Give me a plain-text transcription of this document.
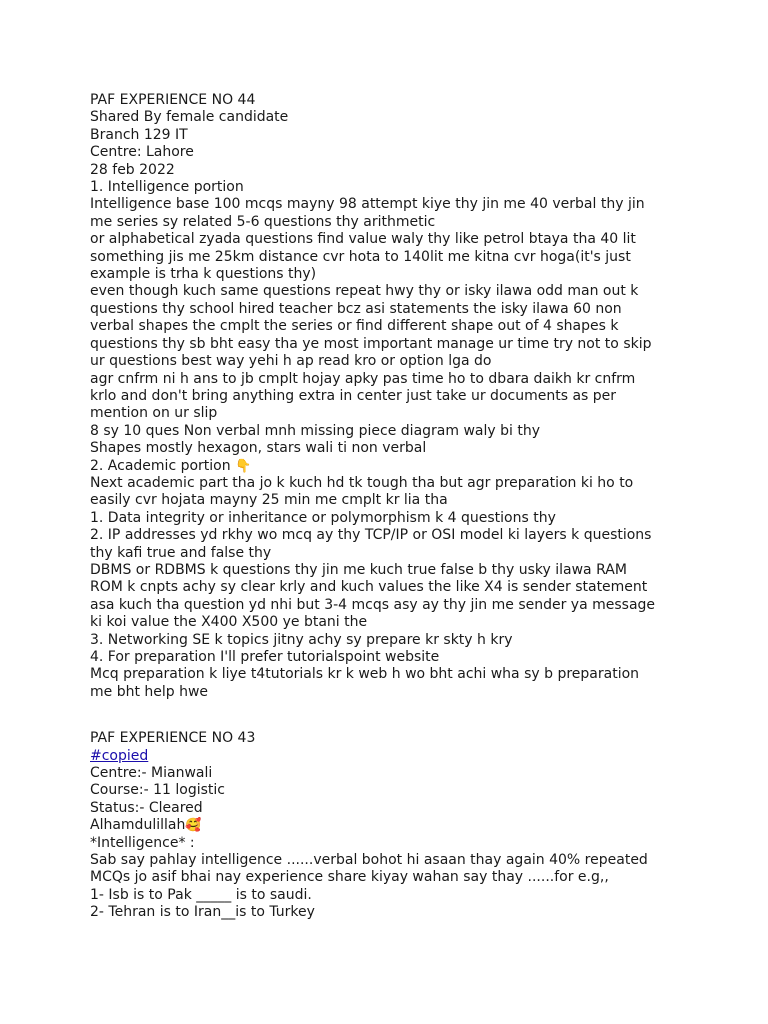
PAF EXPERIENCE NO 44
Shared By female candidate
Branch 129 IT
Centre: Lahore
28 feb 2022
1. Intelligence portion
Intelligence base 100 mcqs mayny 98 attempt kiye thy jin me 40 verbal thy jin
me series sy related 5-6 questions thy arithmetic
or alphabetical zyada questions find value waly thy like petrol btaya tha 40 lit
something jis me 25km distance cvr hota to 140lit me kitna cvr hoga(it's just
example is trha k questions thy)
even though kuch same questions repeat hwy thy or isky ilawa odd man out k
questions thy school hired teacher bcz asi statements the isky ilawa 60 non
verbal shapes the cmplt the series or find different shape out of 4 shapes k
questions thy sb bht easy tha ye most important manage ur time try not to skip
ur questions best way yehi h ap read kro or option lga do
agr cnfrm ni h ans to jb cmplt hojay apky pas time ho to dbara daikh kr cnfrm
krlo and don't bring anything extra in center just take ur documents as per
mention on ur slip
8 sy 10 ques Non verbal mnh missing piece diagram waly bi thy
Shapes mostly hexagon, stars wali ti non verbal
2. Academic portion 👇
Next academic part tha jo k kuch hd tk tough tha but agr preparation ki ho to
easily cvr hojata mayny 25 min me cmplt kr lia tha
1. Data integrity or inheritance or polymorphism k 4 questions thy
2. IP addresses yd rkhy wo mcq ay thy TCP/IP or OSI model ki layers k questions
thy kafi true and false thy
DBMS or RDBMS k questions thy jin me kuch true false b thy usky ilawa RAM
ROM k cnpts achy sy clear krly and kuch values the like X4 is sender statement
asa kuch tha question yd nhi but 3-4 mcqs asy ay thy jin me sender ya message
ki koi value the X400 X500 ye btani the
3. Networking SE k topics jitny achy sy prepare kr skty h kry
4. For preparation I'll prefer tutorialspoint website
Mcq preparation k liye t4tutorials kr k web h wo bht achi wha sy b preparation
me bht help hwe
PAF EXPERIENCE NO 43
#copied
Centre:- Mianwali
Course:- 11 logistic
Status:- Cleared
Alhamdulillah🥰
*Intelligence* :
Sab say pahlay intelligence ......verbal bohot hi asaan thay again 40% repeated
MCQs jo asif bhai nay experience share kiyay wahan say thay ......for e.g,,
1- Isb is to Pak _____ is to saudi.
2- Tehran is to Iran__is to Turkey
